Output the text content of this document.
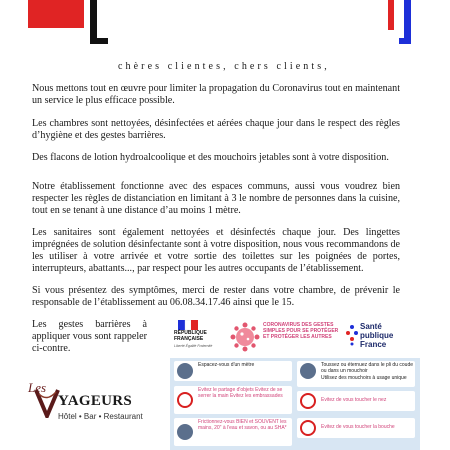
chères clientes, chers clients,

Nous mettons tout en œuvre pour limiter la propagation du Coronavirus tout en maintenant un service le plus efficace possible.

Les chambres sont nettoyées, désinfectées et aérées chaque jour dans le respect des règles d’hygiène et des gestes barrières.

Des flacons de lotion hydroalcoolique et des mouchoirs jetables sont à votre disposition.

Notre établissement fonctionne avec des espaces communs, aussi vous voudrez bien respecter les règles de distanciation en limitant à 3 le nombre de personnes dans la cuisine, tout en se tenant à une distance d’au moins 1 mètre.

Les sanitaires sont également nettoyées et désinfectés chaque jour. Des lingettes imprégnées de solution désinfectante sont à votre disposition, nous vous recommandons de les utiliser à votre arrivée et votre sortie des toilettes sur les poignées de portes, interrupteurs, abattants..., par respect pour les autres occupants de l’établissement.

Si vous présentez des symptômes, merci de rester dans votre chambre, de prévenir le responsable de l’établissement au 06.08.34.17.46 ainsi que le 15.

Les gestes barrières à appliquer vous sont rappeler ci-contre.

Les
YAGEURS
Hôtel • Bar • Restaurant
RÉPUBLIQUE FRANÇAISE
Liberté Égalité Fraternité
CORONAVIRUS DES GESTES SIMPLES POUR SE PROTÉGER ET PROTÉGER LES AUTRES
Santé publique France
Espacez-vous d'un mètre	Toussez ou éternuez dans le pli du coude ou dans un mouchoir
Utilisez des mouchoirs à usage unique
Evitez le partage d'objets Evitez de se serrer la main Evitez les embrassades
Evitez de vous toucher le nez
Frictionnez-vous BIEN et SOUVENT les mains, 20" à l'eau et savon, ou au SHA*	Evitez de vous toucher la bouche
